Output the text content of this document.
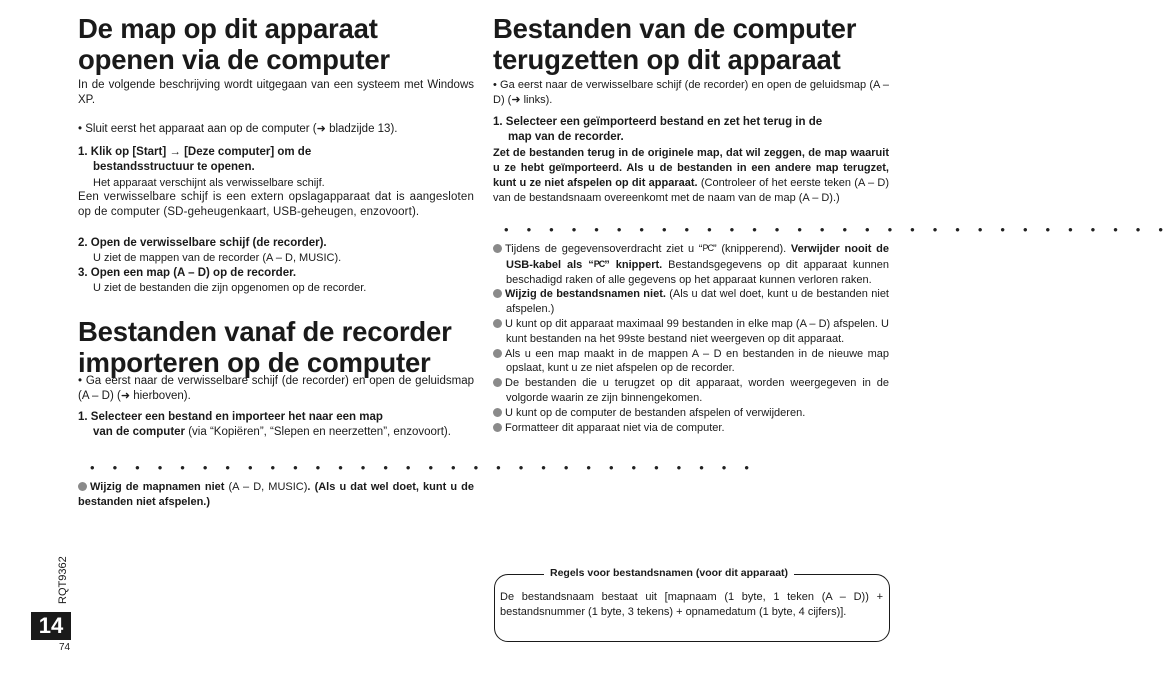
De map op dit apparaat
openen via de computer
In de volgende beschrijving wordt uitgegaan van een systeem met Windows XP.
• Sluit eerst het apparaat aan op de computer (➜ bladzijde 13).
1. Klik op [Start] → [Deze computer] om de
bestandsstructuur te openen.
Het apparaat verschijnt als verwisselbare schijf.
Een verwisselbare schijf is een extern opslagapparaat dat is aangesloten op de computer (SD-geheugenkaart, USB-geheugen, enzovoort).
2. Open de verwisselbare schijf (de recorder).
U ziet de mappen van de recorder (A – D, MUSIC).
3. Open een map (A – D) op de recorder.
U ziet de bestanden die zijn opgenomen op de recorder.
Bestanden vanaf de recorder
importeren op de computer
• Ga eerst naar de verwisselbare schijf (de recorder) en open de geluidsmap (A – D) (➜ hierboven).
1. Selecteer een bestand en importeer het naar een map
van de computer (via “Kopiëren”, “Slepen en neerzetten”, enzovoort).
• • • • • • • • • • • • • • • • • • • • • • • • • • • • • •
Wijzig de mapnamen niet (A – D, MUSIC). (Als u dat wel doet, kunt u de bestanden niet afspelen.)
Bestanden van de computer
terugzetten op dit apparaat
• Ga eerst naar de verwisselbare schijf (de recorder) en open de geluidsmap (A – D) (➜ links).
1. Selecteer een geïmporteerd bestand en zet het terug in de
map van de recorder.
Zet de bestanden terug in de originele map, dat wil zeggen, de map waaruit u ze hebt geïmporteerd. Als u de bestanden in een andere map terugzet, kunt u ze niet afspelen op dit apparaat. (Controleer of het eerste teken (A – D) van de bestandsnaam overeenkomt met de naam van de map (A – D).)
• • • • • • • • • • • • • • • • • • • • • • • • • • • • • •
Tijdens de gegevensoverdracht ziet u “PC” (knipperend). Verwijder nooit de USB-kabel als “PC” knippert. Bestandsgegevens op dit apparaat kunnen beschadigd raken of alle gegevens op het apparaat kunnen verloren raken.
Wijzig de bestandsnamen niet. (Als u dat wel doet, kunt u de bestanden niet afspelen.)
U kunt op dit apparaat maximaal 99 bestanden in elke map (A – D) afspelen. U kunt bestanden na het 99ste bestand niet weergeven op dit apparaat.
Als u een map maakt in de mappen A – D en bestanden in de nieuwe map opslaat, kunt u ze niet afspelen op de recorder.
De bestanden die u terugzet op dit apparaat, worden weergegeven in de volgorde waarin ze zijn binnengekomen.
U kunt op de computer de bestanden afspelen of verwijderen.
Formatteer dit apparaat niet via de computer.
Regels voor bestandsnamen (voor dit apparaat)
De bestandsnaam bestaat uit [mapnaam (1 byte, 1 teken (A – D)) + bestandsnummer (1 byte, 3 tekens) + opnamedatum (1 byte, 4 cijfers)].
RQT9362
14
74
